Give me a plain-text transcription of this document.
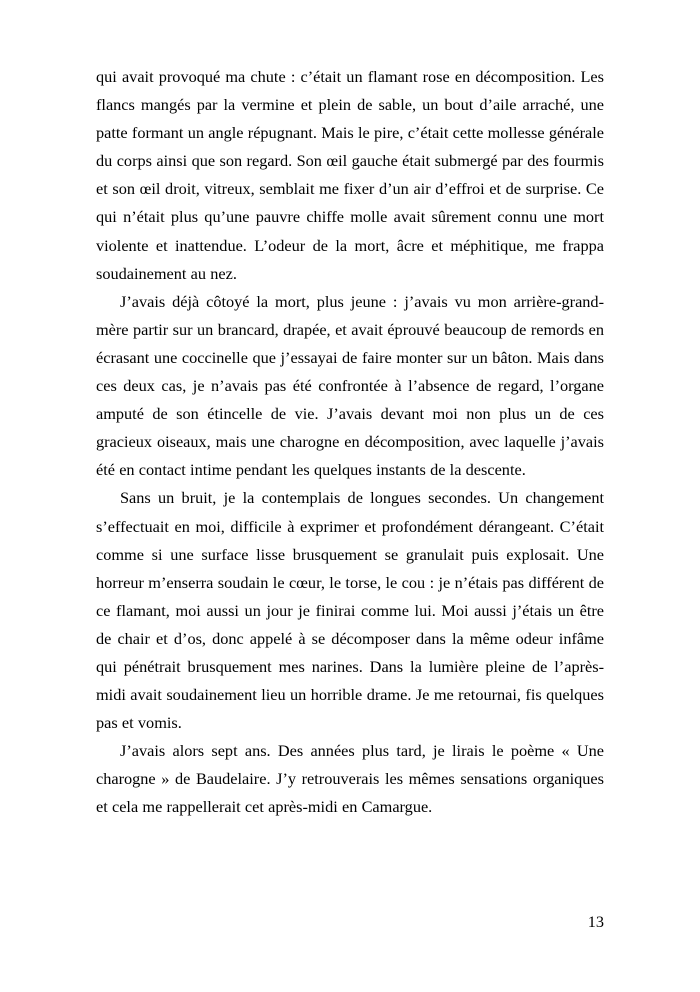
qui avait provoqué ma chute : c’était un flamant rose en décomposition. Les flancs mangés par la vermine et plein de sable, un bout d’aile arraché, une patte formant un angle répugnant. Mais le pire, c’était cette mollesse générale du corps ainsi que son regard. Son œil gauche était submergé par des fourmis et son œil droit, vitreux, semblait me fixer d’un air d’effroi et de surprise. Ce qui n’était plus qu’une pauvre chiffe molle avait sûrement connu une mort violente et inattendue. L’odeur de la mort, âcre et méphitique, me frappa soudainement au nez.

J’avais déjà côtoyé la mort, plus jeune : j’avais vu mon arrière-grand-mère partir sur un brancard, drapée, et avait éprouvé beaucoup de remords en écrasant une coccinelle que j’essayai de faire monter sur un bâton. Mais dans ces deux cas, je n’avais pas été confrontée à l’absence de regard, l’organe amputé de son étincelle de vie. J’avais devant moi non plus un de ces gracieux oiseaux, mais une charogne en décomposition, avec laquelle j’avais été en contact intime pendant les quelques instants de la descente.

Sans un bruit, je la contemplais de longues secondes. Un changement s’effectuait en moi, difficile à exprimer et profondément dérangeant. C’était comme si une surface lisse brusquement se granulait puis explosait. Une horreur m’enserra soudain le cœur, le torse, le cou : je n’étais pas différent de ce flamant, moi aussi un jour je finirai comme lui. Moi aussi j’étais un être de chair et d’os, donc appelé à se décomposer dans la même odeur infâme qui pénétrait brusquement mes narines. Dans la lumière pleine de l’après-midi avait soudainement lieu un horrible drame. Je me retournai, fis quelques pas et vomis.

J’avais alors sept ans. Des années plus tard, je lirais le poème « Une charogne » de Baudelaire. J’y retrouverais les mêmes sensations organiques et cela me rappellerait cet après-midi en Camargue.

13
